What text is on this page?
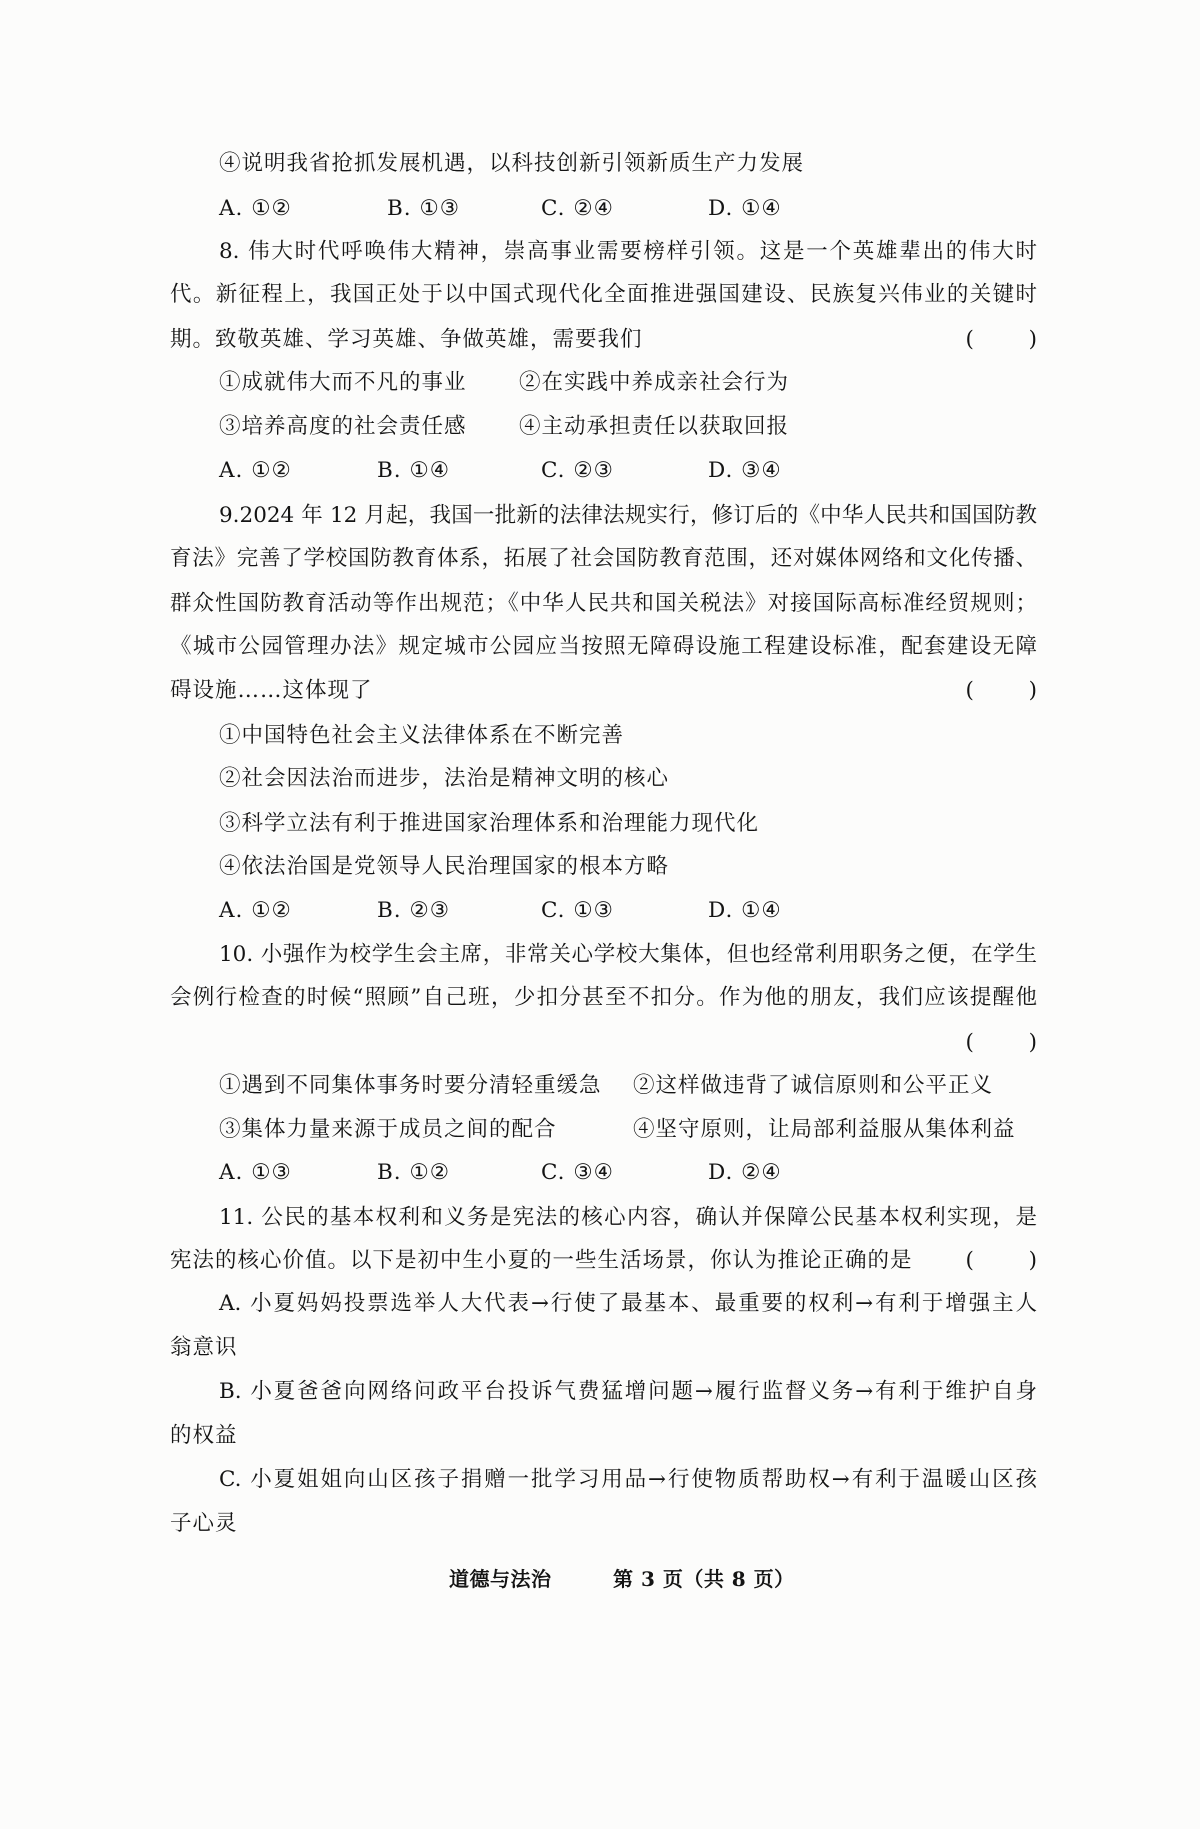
④说明我省抢抓发展机遇，以科技创新引领新质生产力发展
A. ①②	B. ①③	C. ②④	D. ①④
8. 伟大时代呼唤伟大精神，崇高事业需要榜样引领。这是一个英雄辈出的伟大时
代。新征程上，我国正处于以中国式现代化全面推进强国建设、民族复兴伟业的关键时
期。致敬英雄、学习英雄、争做英雄，需要我们	(        )
①成就伟大而不凡的事业 ②在实践中养成亲社会行为
③培养高度的社会责任感 ④主动承担责任以获取回报
A. ①②	B. ①④	C. ②③	D. ③④
9.2024 年 12 月起，我国一批新的法律法规实行，修订后的《中华人民共和国国防教
育法》完善了学校国防教育体系，拓展了社会国防教育范围，还对媒体网络和文化传播、
群众性国防教育活动等作出规范；《中华人民共和国关税法》对接国际高标准经贸规则；
《城市公园管理办法》规定城市公园应当按照无障碍设施工程建设标准，配套建设无障
碍设施……这体现了	(        )
①中国特色社会主义法律体系在不断完善
②社会因法治而进步，法治是精神文明的核心
③科学立法有利于推进国家治理体系和治理能力现代化
④依法治国是党领导人民治理国家的根本方略
A. ①②	B. ②③	C. ①③	D. ①④
10. 小强作为校学生会主席，非常关心学校大集体，但也经常利用职务之便，在学生
会例行检查的时候“照顾”自己班，少扣分甚至不扣分。作为他的朋友，我们应该提醒他
(        )
①遇到不同集体事务时要分清轻重缓急 ②这样做违背了诚信原则和公平正义
③集体力量来源于成员之间的配合	④坚守原则，让局部利益服从集体利益
A. ①③	B. ①②	C. ③④	D. ②④
11. 公民的基本权利和义务是宪法的核心内容，确认并保障公民基本权利实现，是
宪法的核心价值。以下是初中生小夏的一些生活场景，你认为推论正确的是 (        )
A. 小夏妈妈投票选举人大代表→行使了最基本、最重要的权利→有利于增强主人
翁意识
B. 小夏爸爸向网络问政平台投诉气费猛增问题→履行监督义务→有利于维护自身
的权益
C. 小夏姐姐向山区孩子捐赠一批学习用品→行使物质帮助权→有利于温暖山区孩
子心灵
道德与法治	第 3 页（共 8 页）
